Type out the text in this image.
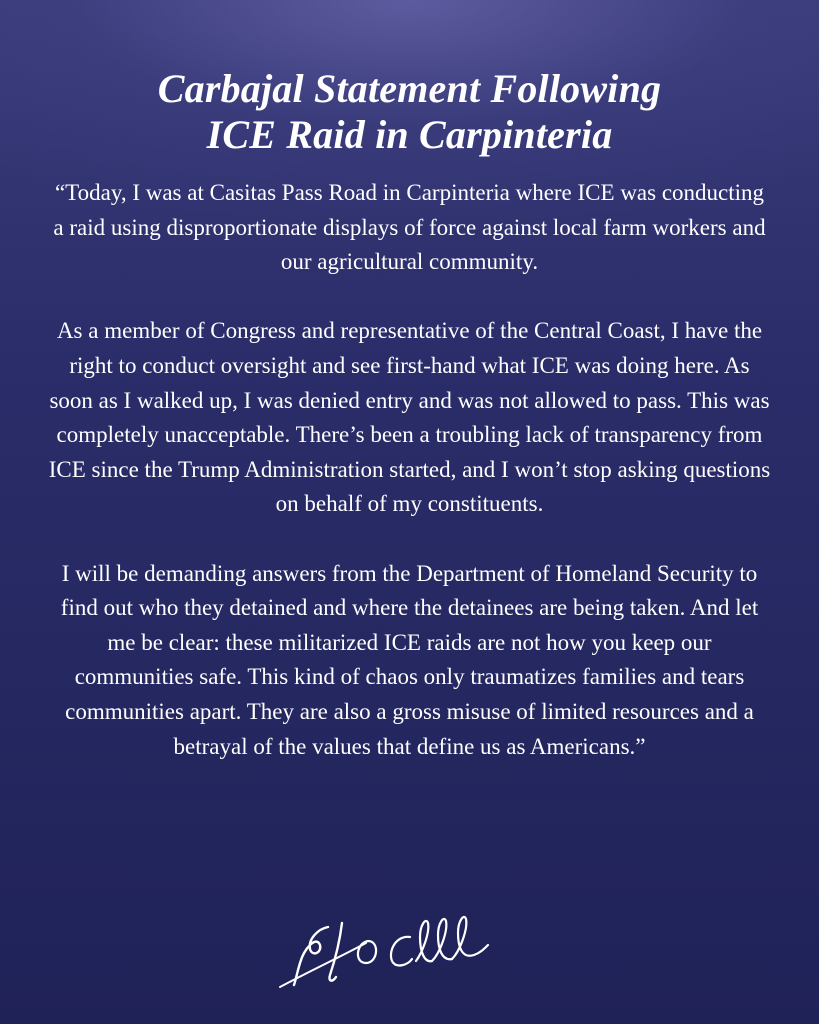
Carbajal Statement Following
ICE Raid in Carpinteria

“Today, I was at Casitas Pass Road in Carpinteria where ICE was conducting a raid using disproportionate displays of force against local farm workers and our agricultural community.

As a member of Congress and representative of the Central Coast, I have the right to conduct oversight and see first-hand what ICE was doing here. As soon as I walked up, I was denied entry and was not allowed to pass. This was completely unacceptable. There’s been a troubling lack of transparency from ICE since the Trump Administration started, and I won’t stop asking questions on behalf of my constituents.

I will be demanding answers from the Department of Homeland Security to find out who they detained and where the detainees are being taken. And let me be clear: these militarized ICE raids are not how you keep our communities safe. This kind of chaos only traumatizes families and tears communities apart. They are also a gross misuse of limited resources and a betrayal of the values that define us as Americans.”
